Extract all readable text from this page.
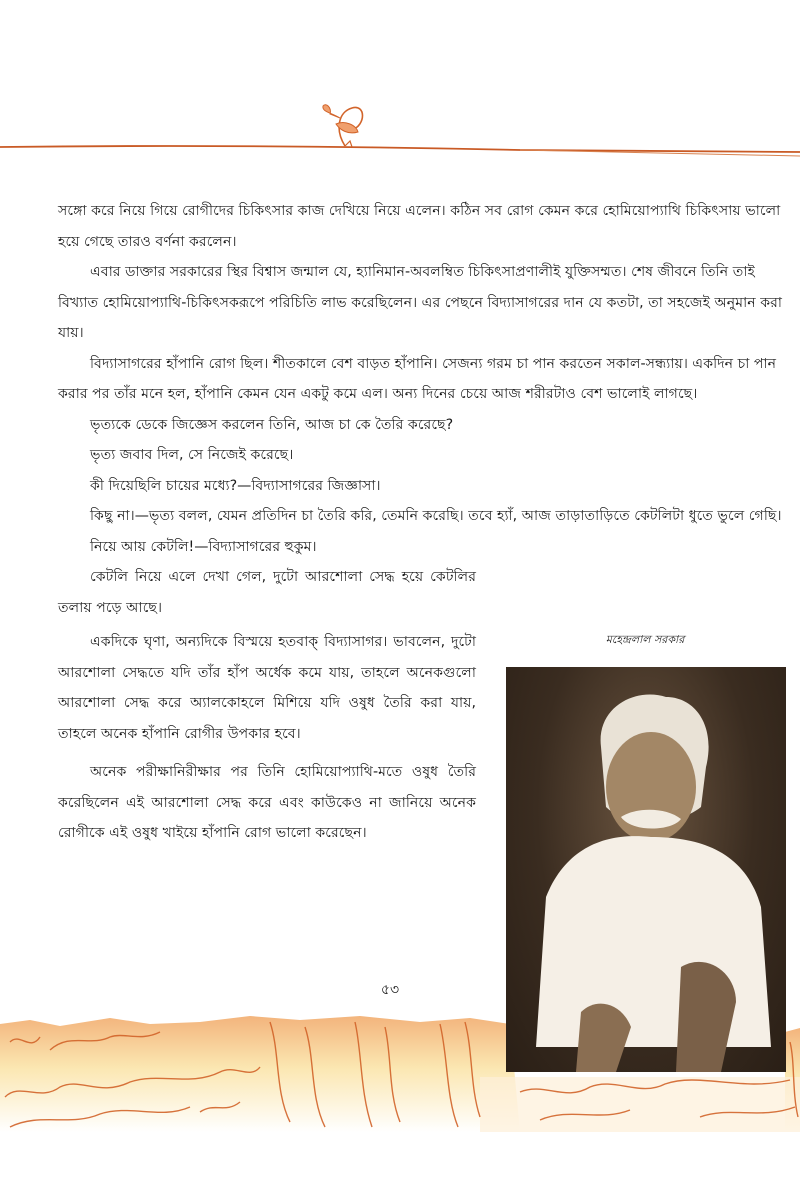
সঙ্গো করে নিয়ে গিয়ে রোগীদের চিকিৎসার কাজ দেখিয়ে নিয়ে এলেন। কঠিন সব রোগ কেমন করে হোমিয়োপ্যাথি চিকিৎসায় ভালো হয়ে গেছে তারও বর্ণনা করলেন।

এবার ডাক্তার সরকারের স্থির বিশ্বাস জন্মাল যে, হ্যানিমান-অবলম্বিত চিকিৎসাপ্রণালীই যুক্তিসম্মত। শেষ জীবনে তিনি তাই বিখ্যাত হোমিয়োপ্যাথি-চিকিৎসকরূপে পরিচিতি লাভ করেছিলেন। এর পেছনে বিদ্যাসাগরের দান যে কতটা, তা সহজেই অনুমান করা যায়।

বিদ্যাসাগরের হাঁপানি রোগ ছিল। শীতকালে বেশ বাড়ত হাঁপানি। সেজন্য গরম চা পান করতেন সকাল-সন্ধ্যায়। একদিন চা পান করার পর তাঁর মনে হল, হাঁপানি কেমন যেন একটু কমে এল। অন্য দিনের চেয়ে আজ শরীরটাও বেশ ভালোই লাগছে।

ভৃত্যকে ডেকে জিজ্ঞেস করলেন তিনি, আজ চা কে তৈরি করেছে?

ভৃত্য জবাব দিল, সে নিজেই করেছে।

কী দিয়েছিলি চায়ের মধ্যে?—বিদ্যাসাগরের জিজ্ঞাসা।

কিছু না।—ভৃত্য বলল, যেমন প্রতিদিন চা তৈরি করি, তেমনি করেছি। তবে হ্যাঁ, আজ তাড়াতাড়িতে কেটলিটা ধুতে ভুলে গেছি।

নিয়ে আয় কেটলি!—বিদ্যাসাগরের হুকুম।

কেটলি নিয়ে এলে দেখা গেল, দুটো আরশোলা সেদ্ধ হয়ে কেটলির তলায় পড়ে আছে।

একদিকে ঘৃণা, অন্যদিকে বিস্ময়ে হতবাক্ বিদ্যাসাগর। ভাবলেন, দুটো আরশোলা সেদ্ধতে যদি তাঁর হাঁপ অর্ধেক কমে যায়, তাহলে অনেকগুলো আরশোলা সেদ্ধ করে অ্যালকোহলে মিশিয়ে যদি ওষুধ তৈরি করা যায়, তাহলে অনেক হাঁপানি রোগীর উপকার হবে।

অনেক পরীক্ষানিরীক্ষার পর তিনি হোমিয়োপ্যাথি-মতে ওষুধ তৈরি করেছিলেন এই আরশোলা সেদ্ধ করে এবং কাউকেও না জানিয়ে অনেক রোগীকে এই ওষুধ খাইয়ে হাঁপানি রোগ ভালো করেছেন।

মহেন্দ্রলাল সরকার
৫৩
